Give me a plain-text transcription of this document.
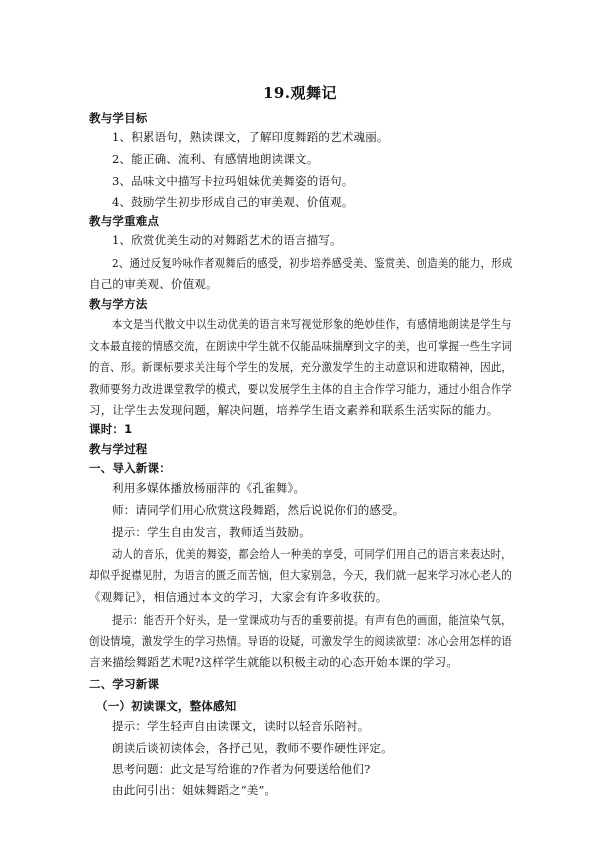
19.观舞记
教与学目标
1、积累语句，熟读课文，了解印度舞蹈的艺术魂丽。
2、能正确、流利、有感情地朗读课文。
3、品味文中描写卡拉玛姐妹优美舞姿的语句。
4、鼓励学生初步形成自己的审美观、价值观。
教与学重难点
1、欣赏优美生动的对舞蹈艺术的语言描写。
2、通过反复吟咏作者观舞后的感受，初步培养感受美、鉴赏美、创造美的能力，形成
自己的审美观、价值观。
教与学方法
本文是当代散文中以生动优美的语言来写视觉形象的绝妙佳作，有感情地朗读是学生与
文本最直接的情感交流，在朗读中学生就不仅能品味揣摩到文字的美，也可掌握一些生字词
的音、形。新课标要求关注每个学生的发展，充分激发学生的主动意识和进取精神，因此，
教师要努力改进课堂教学的模式，要以发展学生主体的自主合作学习能力，通过小组合作学
习，让学生去发现问题，解决问题，培养学生语文素养和联系生活实际的能力。
课时：1
教与学过程
一、导入新课：
利用多媒体播放杨丽萍的《孔雀舞》。
师：请同学们用心欣赏这段舞蹈，然后说说你们的感受。
提示：学生自由发言，教师适当鼓励。
动人的音乐，优美的舞姿，都会给人一种美的享受，可同学们用自己的语言来表达时，
却似乎捉襟见肘，为语言的匮乏而苦恼，但大家别急，今天，我们就一起来学习冰心老人的
《观舞记》，相信通过本文的学习，大家会有许多收获的。
提示：能否开个好头，是一堂课成功与否的重要前提。有声有色的画面，能渲染气氛，
创设情境，激发学生的学习热情。导语的设疑，可激发学生的阅读欲望：冰心会用怎样的语
言来描绘舞蹈艺术呢?这样学生就能以积极主动的心态开始本课的学习。
二、学习新课
（一）初读课文，整体感知
提示：学生轻声自由读课文，读时以轻音乐陪衬。
朗读后谈初读体会，各抒己见，教师不要作硬性评定。
思考问题：此文是写给谁的?作者为何要送给他们?
由此问引出：姐妹舞蹈之“美”。
